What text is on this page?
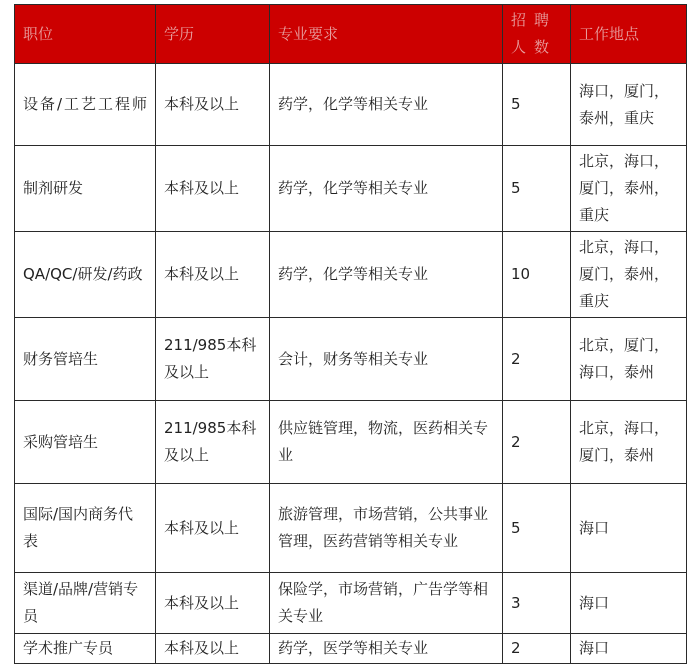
职位	学历	专业要求	招聘人数	工作地点
设备/工艺工程师	本科及以上	药学，化学等相关专业	5	海口，厦门，泰州，重庆
制剂研发	本科及以上	药学，化学等相关专业	5	北京，海口，厦门，泰州，重庆
QA/QC/研发/药政	本科及以上	药学，化学等相关专业	10	北京，海口，厦门，泰州，重庆
财务管培生	211/985本科及以上	会计，财务等相关专业	2	北京，厦门，海口，泰州
采购管培生	211/985本科及以上	供应链管理，物流，医药相关专业	2	北京，海口，厦门，泰州
国际/国内商务代表	本科及以上	旅游管理，市场营销，公共事业管理，医药营销等相关专业	5	海口
渠道/品牌/营销专员	本科及以上	保险学，市场营销，广告学等相关专业	3	海口
学术推广专员	本科及以上	药学，医学等相关专业	2	海口
